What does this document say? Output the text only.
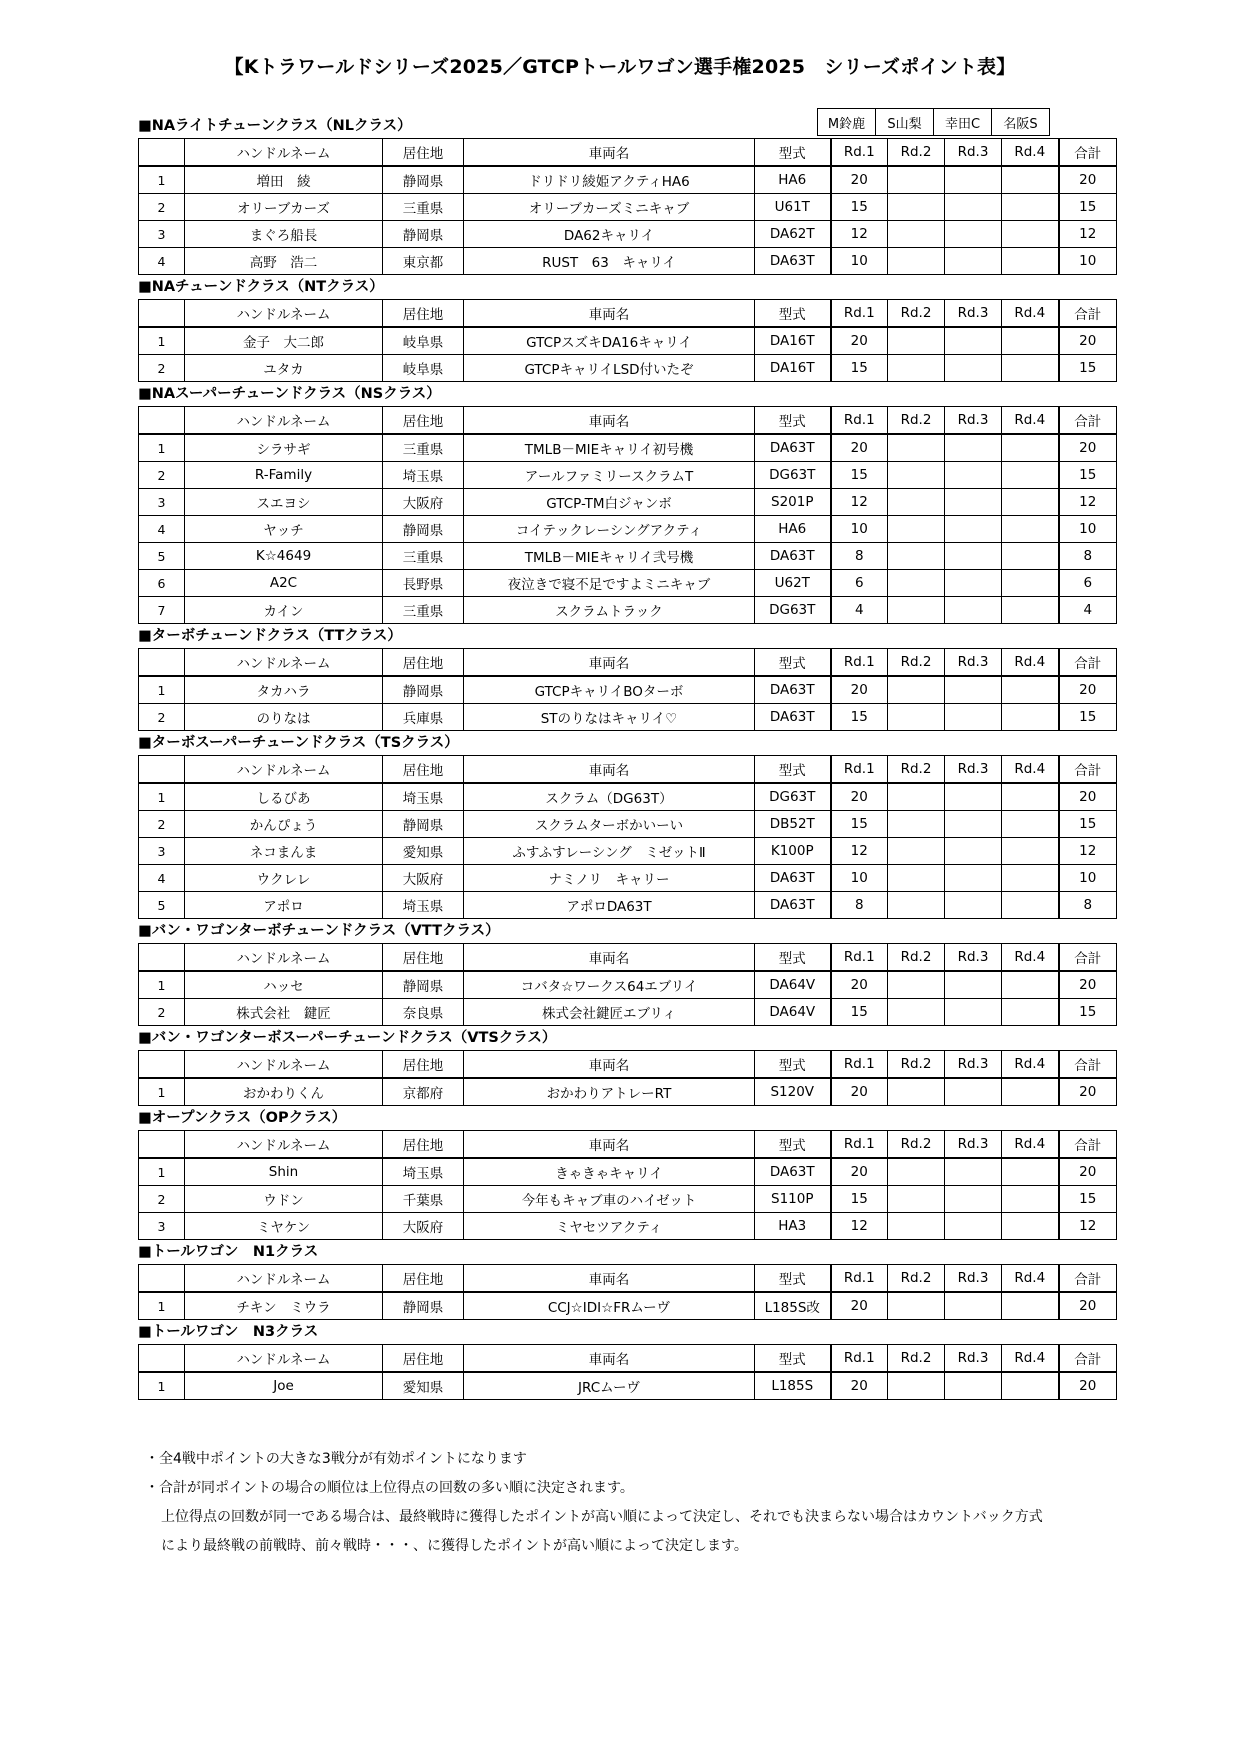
【Kトラワールドシリーズ2025／GTCPトールワゴン選手権2025　シリーズポイント表】
M鈴鹿	S山梨	幸田C	名阪S
■NAライトチューンクラス（NLクラス）
	ハンドルネーム	居住地	車両名	型式	Rd.1	Rd.2	Rd.3	Rd.4	合計
1	増田　綾	静岡県	ドリドリ綾姫アクティHA6	HA6	20				20
2	オリーブカーズ	三重県	オリーブカーズミニキャブ	U61T	15				15
3	まぐろ船長	静岡県	DA62キャリイ	DA62T	12				12
4	高野　浩二	東京都	RUST　63　キャリイ	DA63T	10				10
■NAチューンドクラス（NTクラス）
	ハンドルネーム	居住地	車両名	型式	Rd.1	Rd.2	Rd.3	Rd.4	合計
1	金子　大二郎	岐阜県	GTCPスズキDA16キャリイ	DA16T	20				20
2	ユタカ	岐阜県	GTCPキャリイLSD付いたぞ	DA16T	15				15
■NAスーパーチューンドクラス（NSクラス）
	ハンドルネーム	居住地	車両名	型式	Rd.1	Rd.2	Rd.3	Rd.4	合計
1	シラサギ	三重県	TMLB－MIEキャリイ初号機	DA63T	20				20
2	R-Family	埼玉県	アールファミリースクラムT	DG63T	15				15
3	スエヨシ	大阪府	GTCP-TM白ジャンボ	S201P	12				12
4	ヤッチ	静岡県	コイテックレーシングアクティ	HA6	10				10
5	K☆4649	三重県	TMLB－MIEキャリイ弐号機	DA63T	8				8
6	A2C	長野県	夜泣きで寝不足ですよミニキャブ	U62T	6				6
7	カイン	三重県	スクラムトラック	DG63T	4				4
■ターボチューンドクラス（TTクラス）
	ハンドルネーム	居住地	車両名	型式	Rd.1	Rd.2	Rd.3	Rd.4	合計
1	タカハラ	静岡県	GTCPキャリイBOターボ	DA63T	20				20
2	のりなは	兵庫県	STのりなはキャリイ♡	DA63T	15				15
■ターボスーパーチューンドクラス（TSクラス）
	ハンドルネーム	居住地	車両名	型式	Rd.1	Rd.2	Rd.3	Rd.4	合計
1	しるびあ	埼玉県	スクラム（DG63T）	DG63T	20				20
2	かんぴょう	静岡県	スクラムターボかいーい	DB52T	15				15
3	ネコまんま	愛知県	ふすふすレーシング　ミゼットⅡ	K100P	12				12
4	ウクレレ	大阪府	ナミノリ　キャリー	DA63T	10				10
5	アポロ	埼玉県	アポロDA63T	DA63T	8				8
■バン・ワゴンターボチューンドクラス（VTTクラス）
	ハンドルネーム	居住地	車両名	型式	Rd.1	Rd.2	Rd.3	Rd.4	合計
1	ハッセ	静岡県	コバタ☆ワークス64エブリイ	DA64V	20				20
2	株式会社　鍵匠	奈良県	株式会社鍵匠エブリィ	DA64V	15				15
■バン・ワゴンターボスーパーチューンドクラス（VTSクラス）
	ハンドルネーム	居住地	車両名	型式	Rd.1	Rd.2	Rd.3	Rd.4	合計
1	おかわりくん	京都府	おかわりアトレーRT	S120V	20				20
■オープンクラス（OPクラス）
	ハンドルネーム	居住地	車両名	型式	Rd.1	Rd.2	Rd.3	Rd.4	合計
1	Shin	埼玉県	きゃきゃキャリイ	DA63T	20				20
2	ウドン	千葉県	今年もキャブ車のハイゼット	S110P	15				15
3	ミヤケン	大阪府	ミヤセツアクティ	HA3	12				12
■トールワゴン　N1クラス
	ハンドルネーム	居住地	車両名	型式	Rd.1	Rd.2	Rd.3	Rd.4	合計
1	チキン　ミウラ	静岡県	CCJ☆IDI☆FRムーヴ	L185S改	20				20
■トールワゴン　N3クラス
	ハンドルネーム	居住地	車両名	型式	Rd.1	Rd.2	Rd.3	Rd.4	合計
1	Joe	愛知県	JRCムーヴ	L185S	20				20
・全4戦中ポイントの大きな3戦分が有効ポイントになります
・合計が同ポイントの場合の順位は上位得点の回数の多い順に決定されます。
上位得点の回数が同一である場合は、最終戦時に獲得したポイントが高い順によって決定し、それでも決まらない場合はカウントバック方式
により最終戦の前戦時、前々戦時・・・、に獲得したポイントが高い順によって決定します。
